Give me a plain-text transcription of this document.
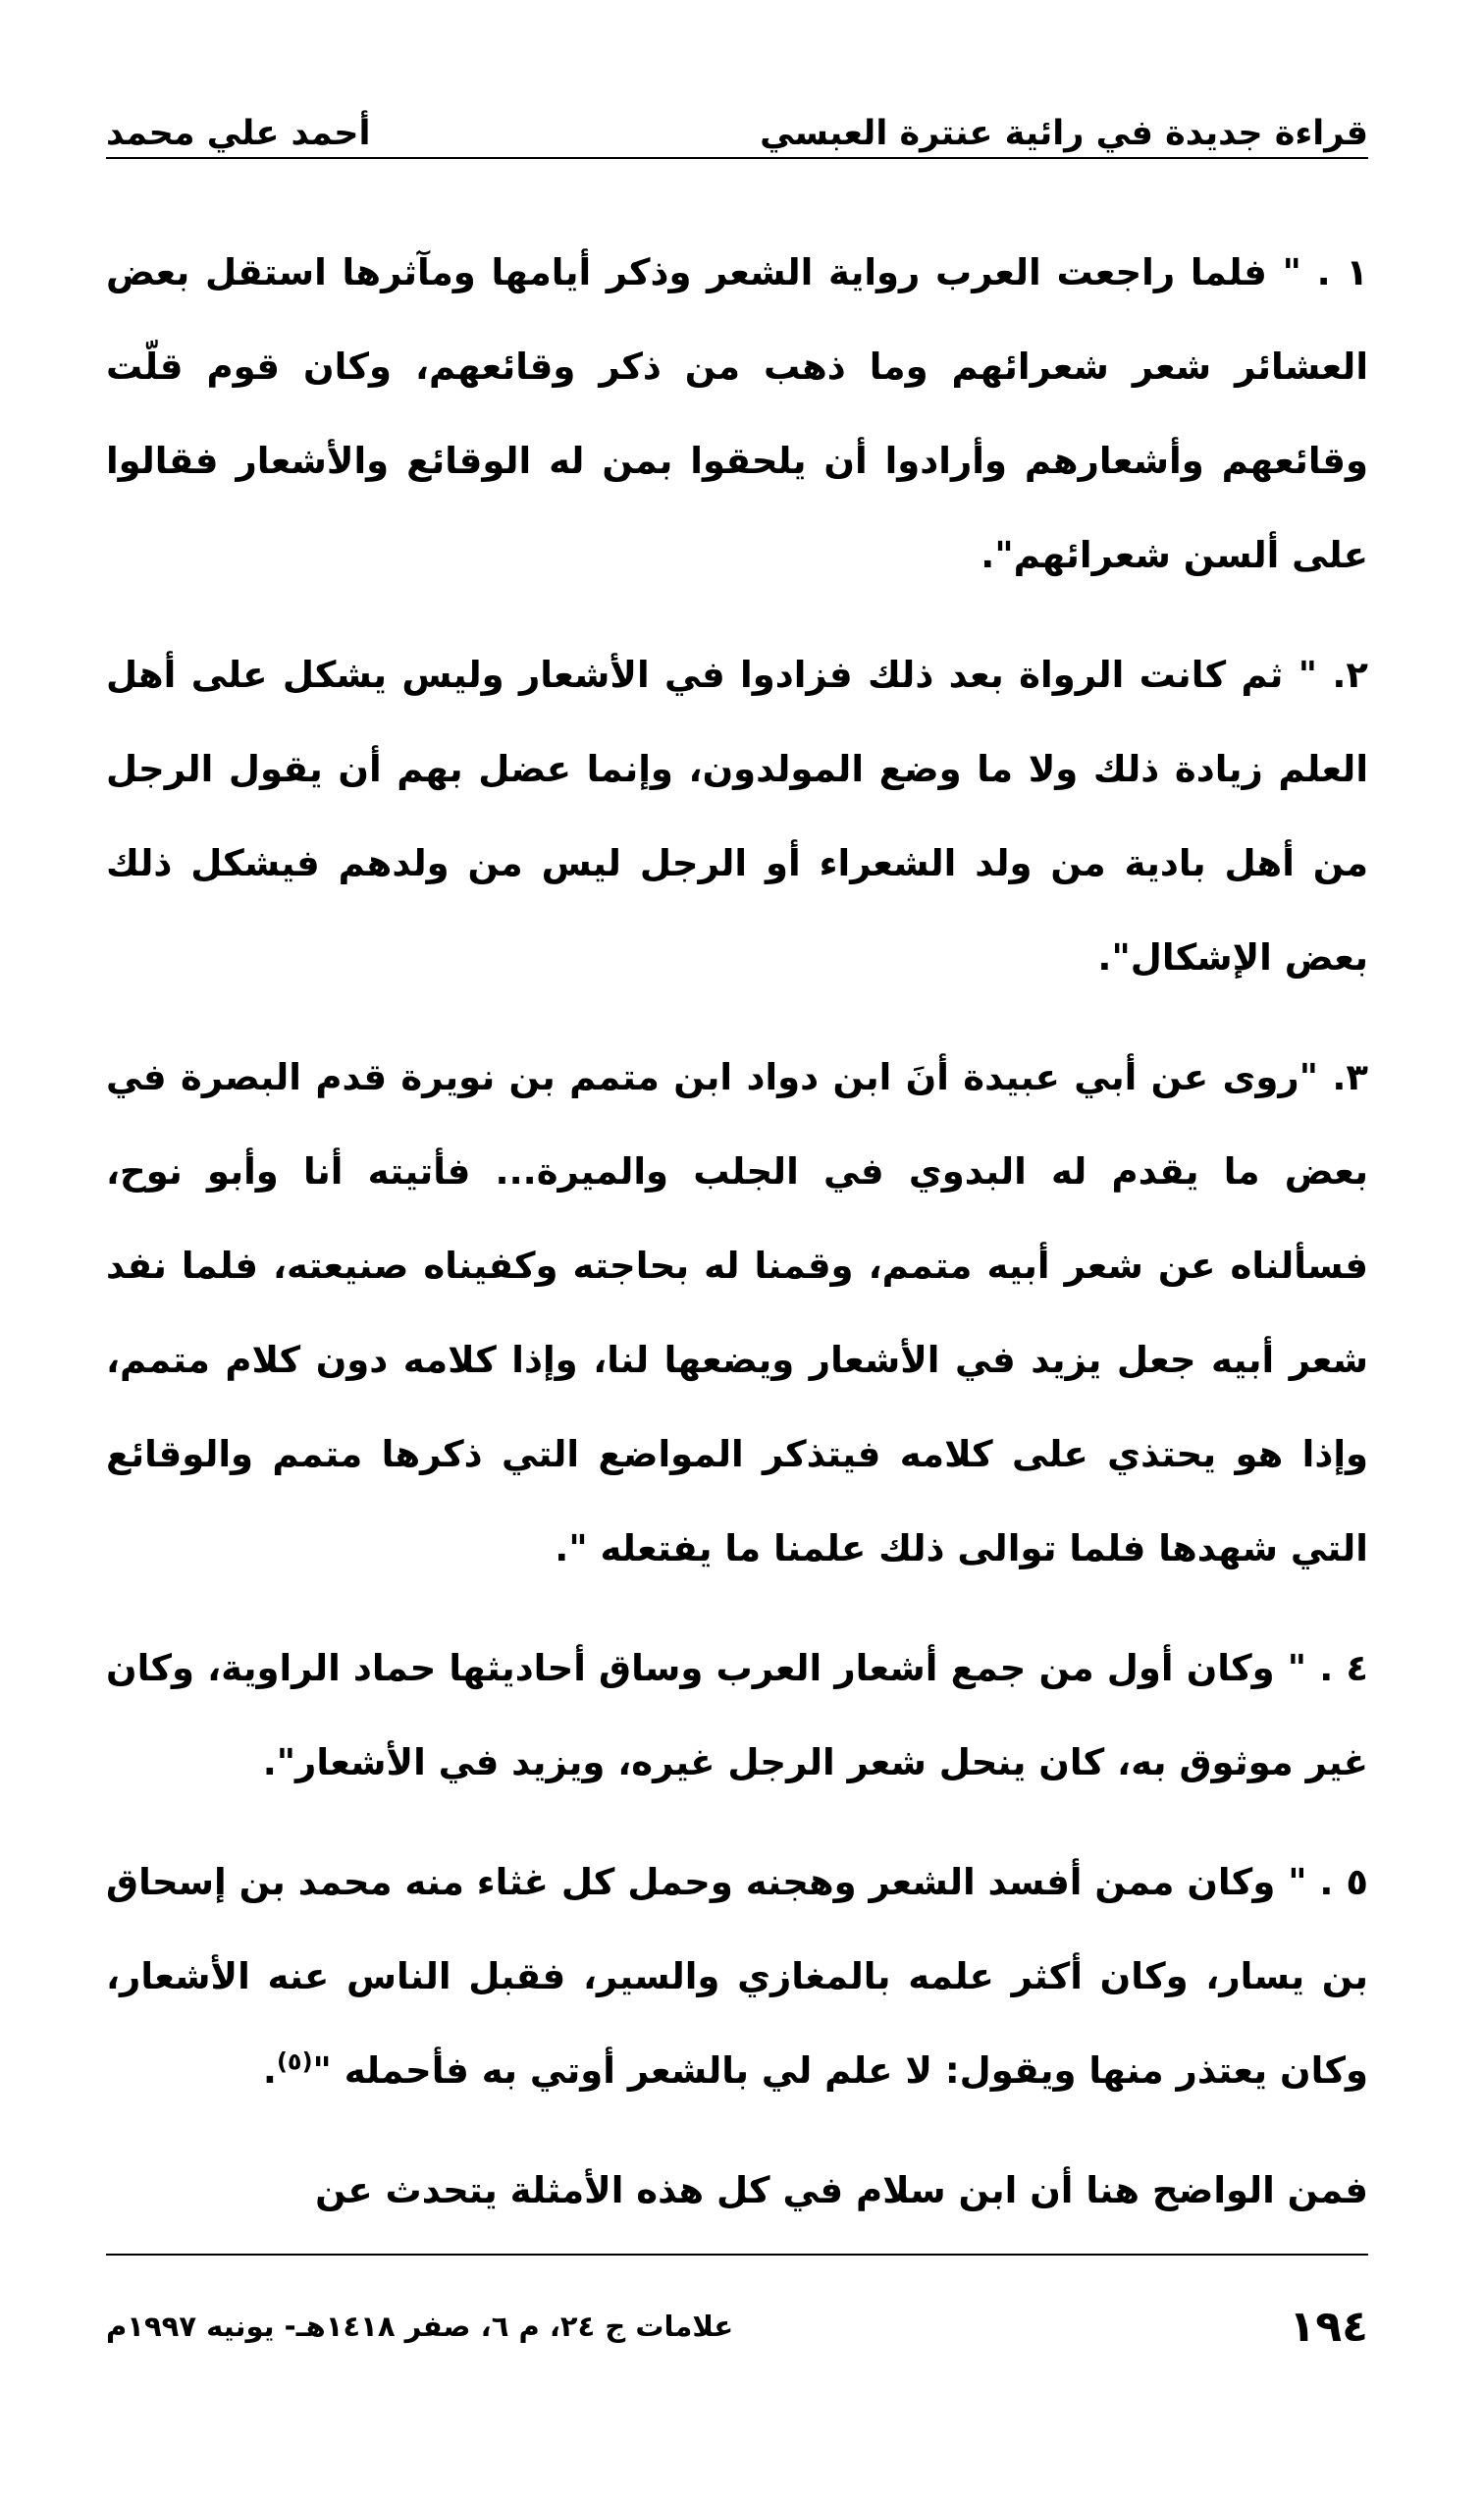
قراءة جديدة في رائية عنترة العبسي
أحمد علي محمد

١ . " فلما راجعت العرب رواية الشعر وذكر أيامها ومآثرها استقل بعض العشائر شعر شعرائهم وما ذهب من ذكر وقائعهم، وكان قوم قلّت وقائعهم وأشعارهم وأرادوا أن يلحقوا بمن له الوقائع والأشعار فقالوا على ألسن شعرائهم".

٢. " ثم كانت الرواة بعد ذلك فزادوا في الأشعار وليس يشكل على أهل العلم زيادة ذلك ولا ما وضع المولدون، وإنما عضل بهم أن يقول الرجل من أهل بادية من ولد الشعراء أو الرجل ليس من ولدهم فيشكل ذلك بعض الإشكال".

٣. "روى عن أبي عبيدة أنَ ابن دواد ابن متمم بن نويرة قدم البصرة في بعض ما يقدم له البدوي في الجلب والميرة... فأتيته أنا وأبو نوح، فسألناه عن شعر أبيه متمم، وقمنا له بحاجته وكفيناه صنيعته، فلما نفد شعر أبيه جعل يزيد في الأشعار ويضعها لنا، وإذا كلامه دون كلام متمم، وإذا هو يحتذي على كلامه فيتذكر المواضع التي ذكرها متمم والوقائع التي شهدها فلما توالى ذلك علمنا ما يفتعله ".

٤ . " وكان أول من جمع أشعار العرب وساق أحاديثها حماد الراوية، وكان غير موثوق به، كان ينحل شعر الرجل غيره، ويزيد في الأشعار".

٥ . " وكان ممن أفسد الشعر وهجنه وحمل كل غثاء منه محمد بن إسحاق بن يسار، وكان أكثر علمه بالمغازي والسير، فقبل الناس عنه الأشعار، وكان يعتذر منها ويقول: لا علم لي بالشعر أوتي به فأحمله "$^{(٥)}$.

فمن الواضح هنا أن ابن سلام في كل هذه الأمثلة يتحدث عن

١٩٤
علامات ج ٢٤، م ٦، صفر ١٤١٨هـ- يونيه ١٩٩٧م
